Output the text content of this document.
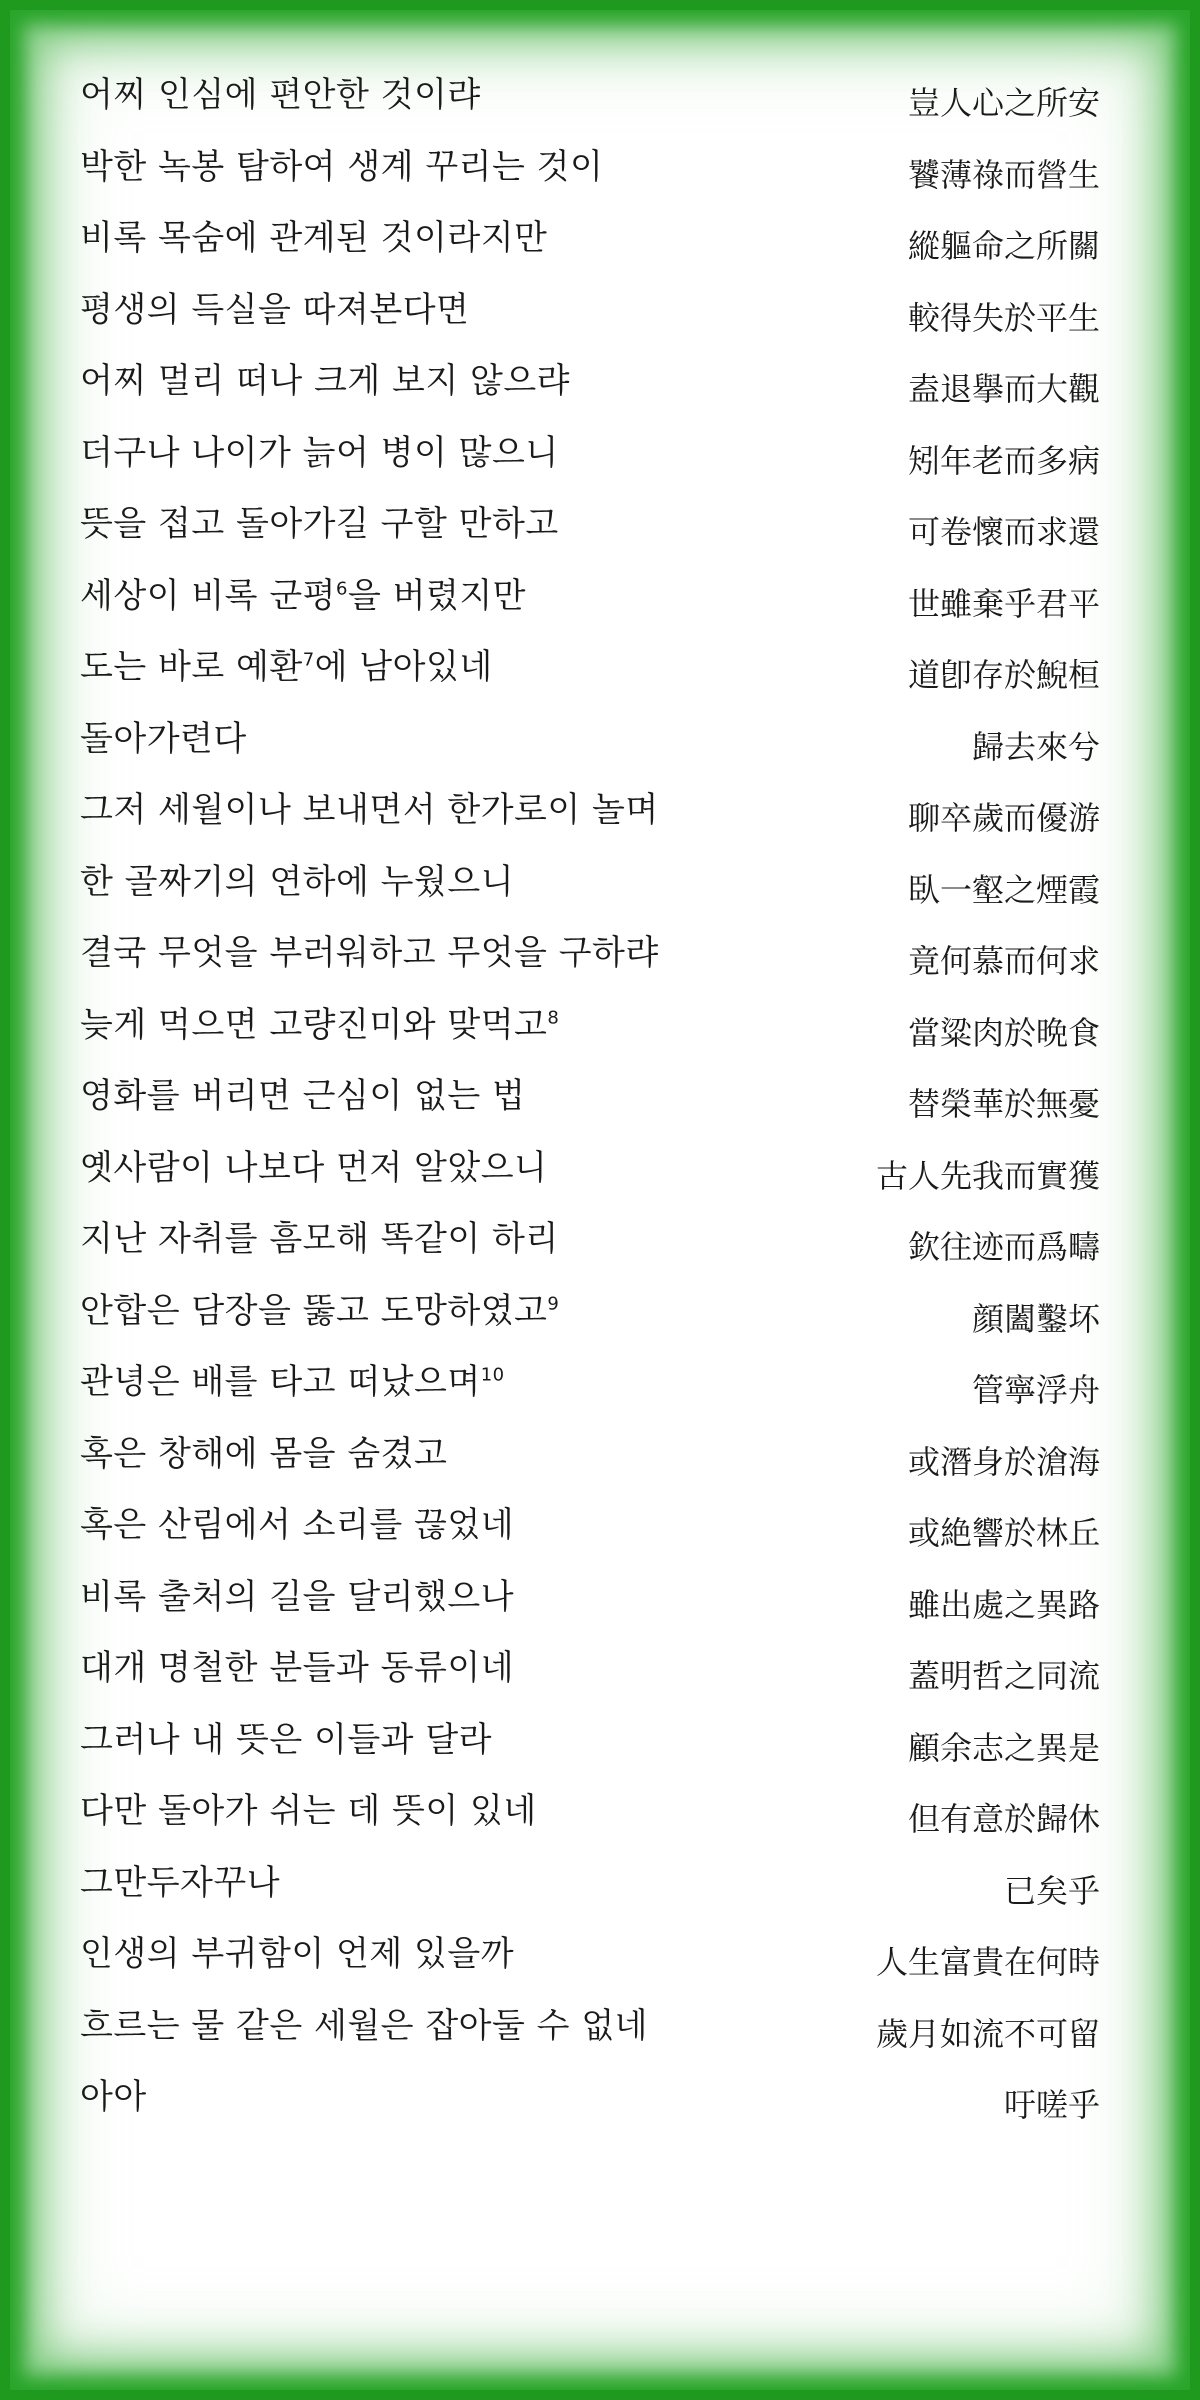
어찌 인심에 편안한 것이랴	豈人心之所安
박한 녹봉 탐하여 생계 꾸리는 것이	饕薄祿而營生
비록 목숨에 관계된 것이라지만	縱軀命之所關
평생의 득실을 따져본다면	較得失於平生
어찌 멀리 떠나 크게 보지 않으랴	盍退擧而大觀
더구나 나이가 늙어 병이 많으니	矧年老而多病
뜻을 접고 돌아가길 구할 만하고	可卷懷而求還
세상이 비록 군평$^6$을 버렸지만	世雖棄乎君平
도는 바로 예환$^7$에 남아있네	道卽存於鯢桓
돌아가련다	歸去來兮
그저 세월이나 보내면서 한가로이 놀며	聊卒歲而優游
한 골짜기의 연하에 누웠으니	臥一壑之煙霞
결국 무엇을 부러워하고 무엇을 구하랴	竟何慕而何求
늦게 먹으면 고량진미와 맞먹고$^8$	當粱肉於晩食
영화를 버리면 근심이 없는 법	替榮華於無憂
옛사람이 나보다 먼저 알았으니	古人先我而實獲
지난 자취를 흠모해 똑같이 하리	欽往迹而爲疇
안합은 담장을 뚫고 도망하였고$^9$	顔闔鑿坏
관녕은 배를 타고 떠났으며$^{10}$	管寧浮舟
혹은 창해에 몸을 숨겼고	或潛身於滄海
혹은 산림에서 소리를 끊었네	或絶響於林丘
비록 출처의 길을 달리했으나	雖出處之異路
대개 명철한 분들과 동류이네	蓋明哲之同流
그러나 내 뜻은 이들과 달라	顧余志之異是
다만 돌아가 쉬는 데 뜻이 있네	但有意於歸休
그만두자꾸나	已矣乎
인생의 부귀함이 언제 있을까	人生富貴在何時
흐르는 물 같은 세월은 잡아둘 수 없네	歲月如流不可留
아아	吁嗟乎
